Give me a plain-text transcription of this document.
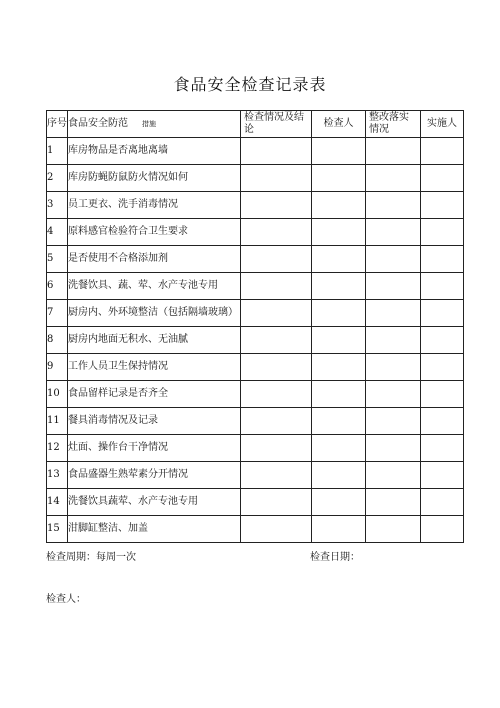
食品安全检查记录表
序号	食品安全防范 措施	检查情况及结论	检查人	整改落实情况	实施人
1	库房物品是否离地离墙				
2	库房防蝇防鼠防火情况如何				
3	员工更衣、洗手消毒情况				
4	原料感官检验符合卫生要求				
5	是否使用不合格添加剂				
6	洗餐饮具、蔬、荤、水产专池专用				
7	厨房内、外环境整洁（包括隔墙玻璃）				
8	厨房内地面无积水、无油腻				
9	工作人员卫生保持情况				
10	食品留样记录是否齐全				
11	餐具消毒情况及记录				
12	灶面、操作台干净情况				
13	食品盛器生熟荤素分开情况				
14	洗餐饮具蔬荤、水产专池专用				
15	泔脚缸整洁、加盖				
检查周期：每周一次	检查日期：
检查人：
